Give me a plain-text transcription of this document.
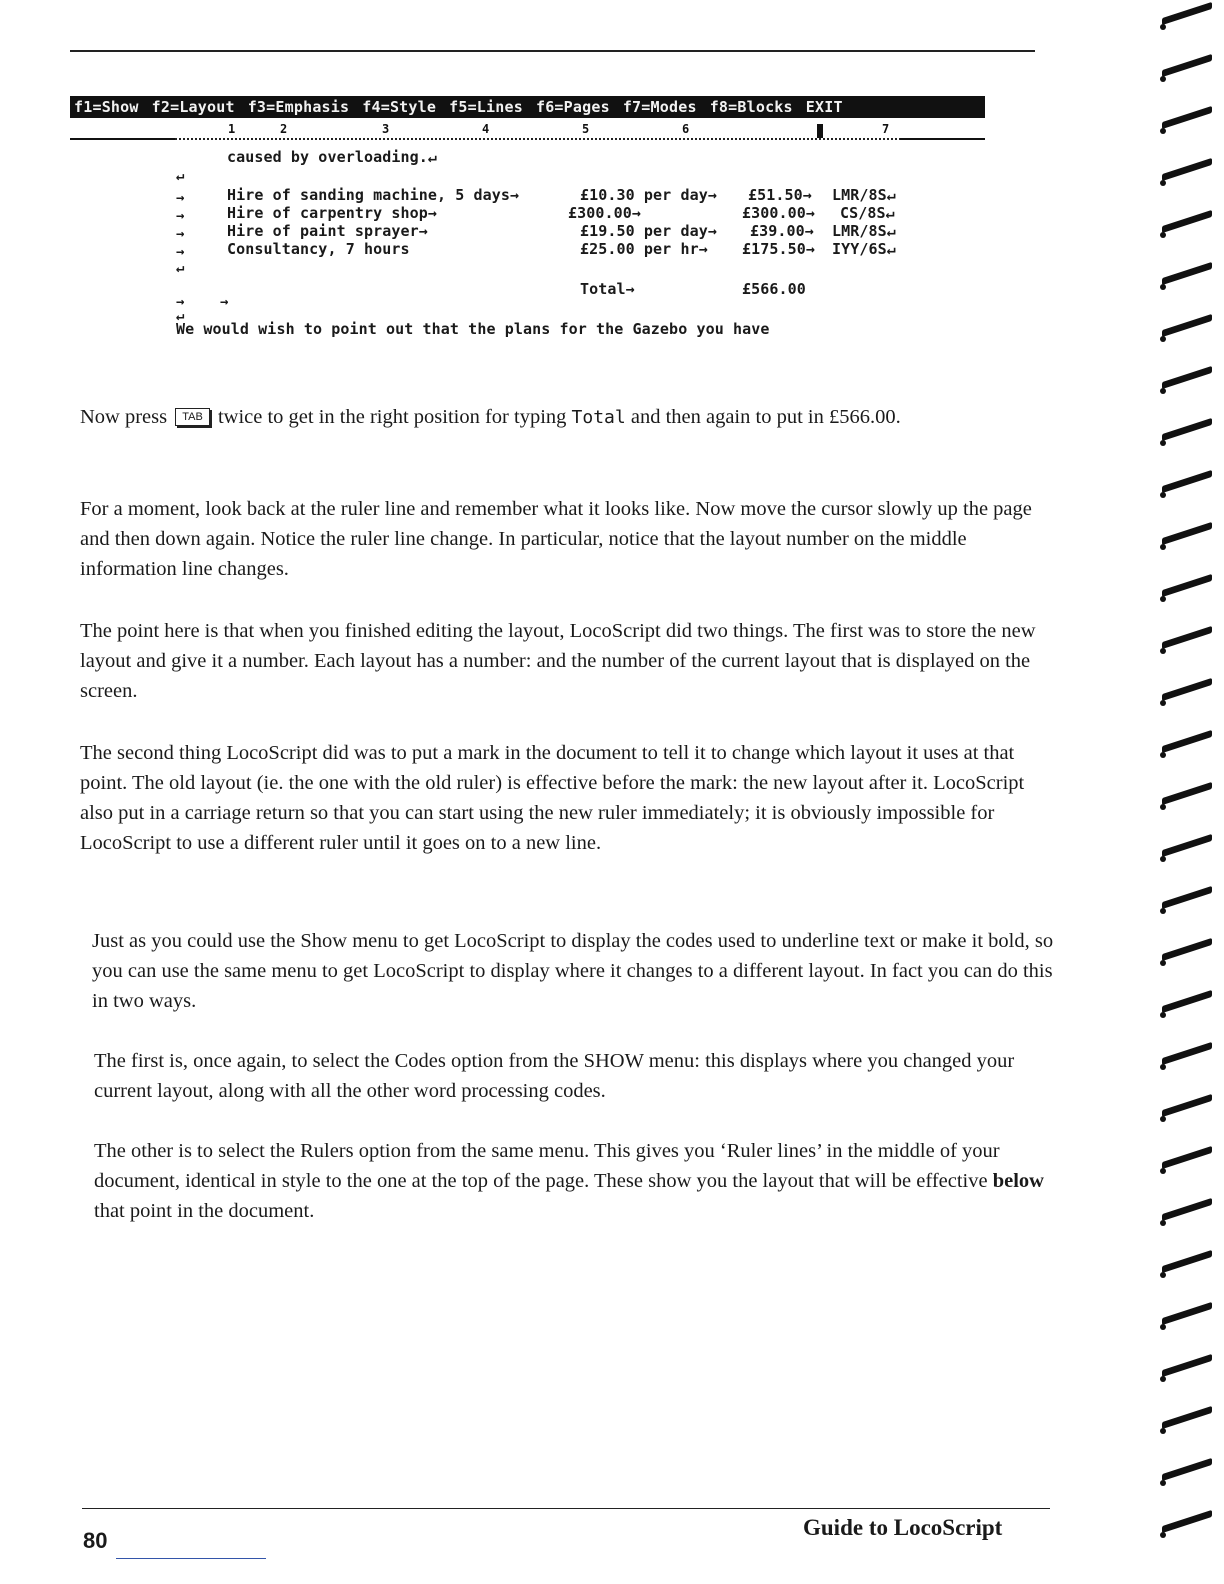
f1=Show f2=Layout f3=Emphasis f4=Style f5=Lines f6=Pages f7=Modes f8=Blocks EXIT

1

	2

	3

	4

	5

	6

	7

caused by overloading.↵
↵
→
→
→
→
↵
→
↵
→
Hire of sanding machine, 5 days→	£10.30 per day→ £51.50→ LMR/8S↵
Hire of carpentry shop→	£300.00→	£300.00→ CS/8S↵
Hire of paint sprayer→	£19.50 per day→ £39.00→ LMR/8S↵
Consultancy, 7 hours	£25.00 per hr→ £175.50→ IYY/6S↵
Total→	£566.00
We would wish to point out that the plans for the Gazebo you have

Now press TAB twice to get in the right position for typing Total and then again to put in £566.00.

For a moment, look back at the ruler line and remember what it looks like. Now move the cursor slowly up the page and then down again. Notice the ruler line change. In particular, notice that the layout number on the middle information line changes.

The point here is that when you finished editing the layout, LocoScript did two things. The first was to store the new layout and give it a number. Each layout has a number: and the number of the current layout that is displayed on the screen.

The second thing LocoScript did was to put a mark in the document to tell it to change which layout it uses at that point. The old layout (ie. the one with the old ruler) is effective before the mark: the new layout after it. LocoScript also put in a carriage return so that you can start using the new ruler immediately; it is obviously impossible for LocoScript to use a different ruler until it goes on to a new line.

Just as you could use the Show menu to get LocoScript to display the codes used to underline text or make it bold, so you can use the same menu to get LocoScript to display where it changes to a different layout. In fact you can do this in two ways.

The first is, once again, to select the Codes option from the SHOW menu: this displays where you changed your current layout, along with all the other word processing codes.

The other is to select the Rulers option from the same menu. This gives you ‘Ruler lines’ in the middle of your document, identical in style to the one at the top of the page. These show you the layout that will be effective below that point in the document.

80
Guide to LocoScript
